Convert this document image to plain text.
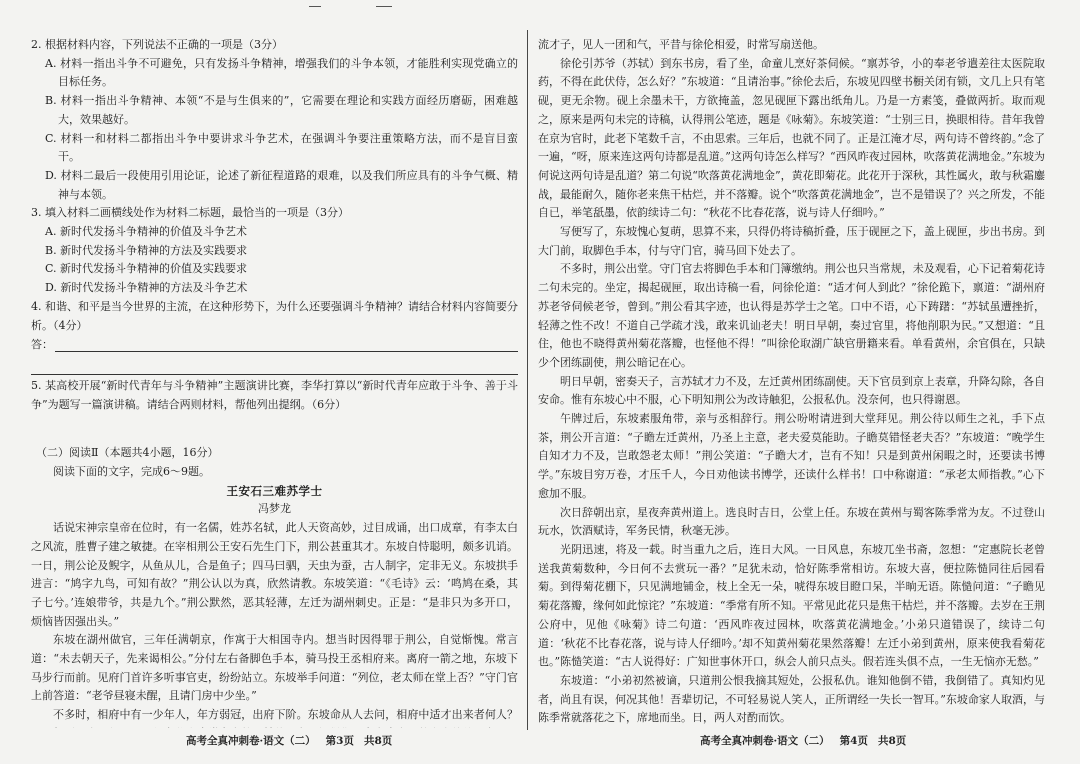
2. 根据材料内容，下列说法不正确的一项是（3分）
A. 材料一指出斗争不可避免，只有发扬斗争精神，增强我们的斗争本领，才能胜利实现党确立的目标任务。
B. 材料一指出斗争精神、本领“不是与生俱来的”，它需要在理论和实践方面经历磨砺，困难越大，效果越好。
C. 材料一和材料二都指出斗争中要讲求斗争艺术，在强调斗争要注重策略方法，而不是盲目蛮干。
D. 材料二最后一段使用引用论证，论述了新征程道路的艰难，以及我们所应具有的斗争气概、精神与本领。
3. 填入材料二画横线处作为材料二标题，最恰当的一项是（3分）
A. 新时代发扬斗争精神的价值及斗争艺术
B. 新时代发扬斗争精神的方法及实践要求
C. 新时代发扬斗争精神的价值及实践要求
D. 新时代发扬斗争精神的方法及斗争艺术
4. 和谐、和平是当今世界的主流，在这种形势下，为什么还要强调斗争精神？请结合材料内容简要分析。（4分）
答：
5. 某高校开展“新时代青年与斗争精神”主题演讲比赛，李华打算以“新时代青年应敢于斗争、善于斗争”为题写一篇演讲稿。请结合两则材料，帮他列出提纲。（6分）
（二）阅读Ⅱ（本题共4小题，16分）
阅读下面的文字，完成6～9题。
王安石三难苏学士
冯梦龙

话说宋神宗皇帝在位时，有一名儒，姓苏名轼，此人天资高妙，过目成诵，出口成章，有李太白之风流，胜曹子建之敏捷。在宰相荆公王安石先生门下，荆公甚重其才。东坡自恃聪明，颇多讥诮。一日，荆公论及鲵字，从鱼从儿，合是鱼子；四马曰驷，天虫为蚕，古人制字，定非无义。东坡拱手进言：“鸠字九鸟，可知有故？”荆公认以为真，欣然请教。东坡笑道：“《毛诗》云：‘鸣鸠在桑，其子七兮。’连娘带爷，共是九个。”荆公默然，恶其轻薄，左迁为湖州刺史。正是：“是非只为多开口，烦恼皆因强出头。”

东坡在湖州做官，三年任满朝京，作寓于大相国寺内。想当时因得罪于荆公，自觉惭愧。常言道：“未去朝天子，先来谒相公。”分付左右备脚色手本，骑马投王丞相府来。离府一箭之地，东坡下马步行而前。见府门首许多听事官吏，纷纷站立。东坡举手问道：“列位，老太师在堂上否？”守门官上前答道：“老爷昼寝未醒，且请门房中少坐。”

不多时，相府中有一少年人，年方弱冠，出府下阶。东坡命从人去问，相府中适才出来者何人？

流才子，见人一团和气，平昔与徐伦相爱，时常写扇送他。

徐伦引苏爷（苏轼）到东书房，看了坐，命童儿烹好茶伺候。“禀苏爷，小的奉老爷遣差往太医院取药，不得在此伏侍，怎么好？”东坡道：“且请治事。”徐伦去后，东坡见四壁书橱关闭有锁，文几上只有笔砚，更无余物。砚上余墨未干，方欲掩盖，忽见砚匣下露出纸角儿。乃是一方素笺，叠做两折。取而观之，原来是两句未完的诗稿，认得荆公笔迹，题是《咏菊》。东坡笑道：“士别三日，换眼相待。昔年我曾在京为官时，此老下笔数千言，不由思索。三年后，也就不同了。正是江淹才尽，两句诗不曾终韵。”念了一遍，“呀，原来连这两句诗都是乱道。”这两句诗怎么样写？“西风昨夜过园林，吹落黄花满地金。”东坡为何说这两句诗是乱道？第二句说“吹落黄花满地金”，黄花即菊花。此花开于深秋，其性属火，敢与秋霜鏖战，最能耐久，随你老来焦干枯烂，并不落瓣。说个“吹落黄花满地金”，岂不是错误了？兴之所发，不能自已，举笔舐墨，依韵续诗二句：“秋花不比春花落，说与诗人仔细吟。”

写便写了，东坡愧心复萌，思算不来，只得仍将诗稿折叠，压于砚匣之下，盖上砚匣，步出书房。到大门前，取脚色手本，付与守门官，骑马回下处去了。

不多时，荆公出堂。守门官去将脚色手本和门簿缴纳。荆公也只当常规，未及观看，心下记着菊花诗二句未完的。坐定，揭起砚匣，取出诗稿一看，问徐伦道：“适才何人到此？”徐伦跪下，禀道：“湖州府苏老爷伺候老爷，曾到。”荆公看其字迹，也认得是苏学士之笔。口中不语，心下踌躇：“苏轼虽遭挫折，轻薄之性不改！不道自己学疏才浅，敢来讥讪老夫！明日早朝，奏过官里，将他削职为民。”又想道：“且住，他也不晓得黄州菊花落瓣，也怪他不得！”叫徐伦取湖广缺官册籍来看。单看黄州，余官俱在，只缺少个团练副使，荆公暗记在心。

明日早朝，密奏天子，言苏轼才力不及，左迁黄州团练副使。天下官员到京上表章，升降勾除，各自安命。惟有东坡心中不服，心下明知荆公为改诗触犯，公报私仇。没奈何，也只得谢恩。

午牌过后，东坡素服角带，亲与丞相辞行。荆公吩咐请进到大堂拜见。荆公待以师生之礼，手下点茶，荆公开言道：“子瞻左迁黄州，乃圣上主意，老夫爱莫能助。子瞻莫错怪老夫否？”东坡道：“晚学生自知才力不及，岂敢怨老太师！”荆公笑道：“子瞻大才，岂有不知！只是到黄州闲暇之时，还要读书博学。”东坡目穷万卷，才压千人，今日劝他读书博学，还读什么样书！口中称谢道：“承老太师指教。”心下愈加不服。

次日辞朝出京，星夜奔黄州道上。选良时吉日，公堂上任。东坡在黄州与蜀客陈季常为友。不过登山玩水，饮酒赋诗，军务民情，秋毫无涉。

光阴迅速，将及一载。时当重九之后，连日大风。一日风息，东坡兀坐书斋，忽想：“定惠院长老曾送我黄菊数种，今日何不去赏玩一番？”足犹未动，恰好陈季常相访。东坡大喜，便拉陈慥同往后园看菊。到得菊花棚下，只见满地铺金，枝上全无一朵，唬得东坡目瞪口呆，半晌无语。陈慥问道：“子瞻见菊花落瓣，缘何如此惊诧？”东坡道：“季常有所不知。平常见此花只是焦干枯烂，并不落瓣。去岁在王荆公府中，见他《咏菊》诗二句道：‘西风昨夜过园林，吹落黄花满地金。’小弟只道错误了，续诗二句道：‘秋花不比春花落，说与诗人仔细吟。’却不知黄州菊花果然落瓣！左迁小弟到黄州，原来使我看菊花也。”陈慥笑道：“古人说得好：广知世事休开口，纵会人前只点头。假若连头俱不点，一生无恼亦无愁。”

东坡道：“小弟初然被谪，只道荆公恨我摘其短处，公报私仇。谁知他倒不错，我倒错了。真知灼见者，尚且有误，何况其他！吾辈切记，不可轻易说人笑人，正所谓经一失长一智耳。”东坡命家人取酒，与陈季常就落花之下，席地而坐。日，两人对酌而饮。

高考全真冲刺卷·语文（二） 第3页 共8页	高考全真冲刺卷·语文（二） 第4页 共8页
